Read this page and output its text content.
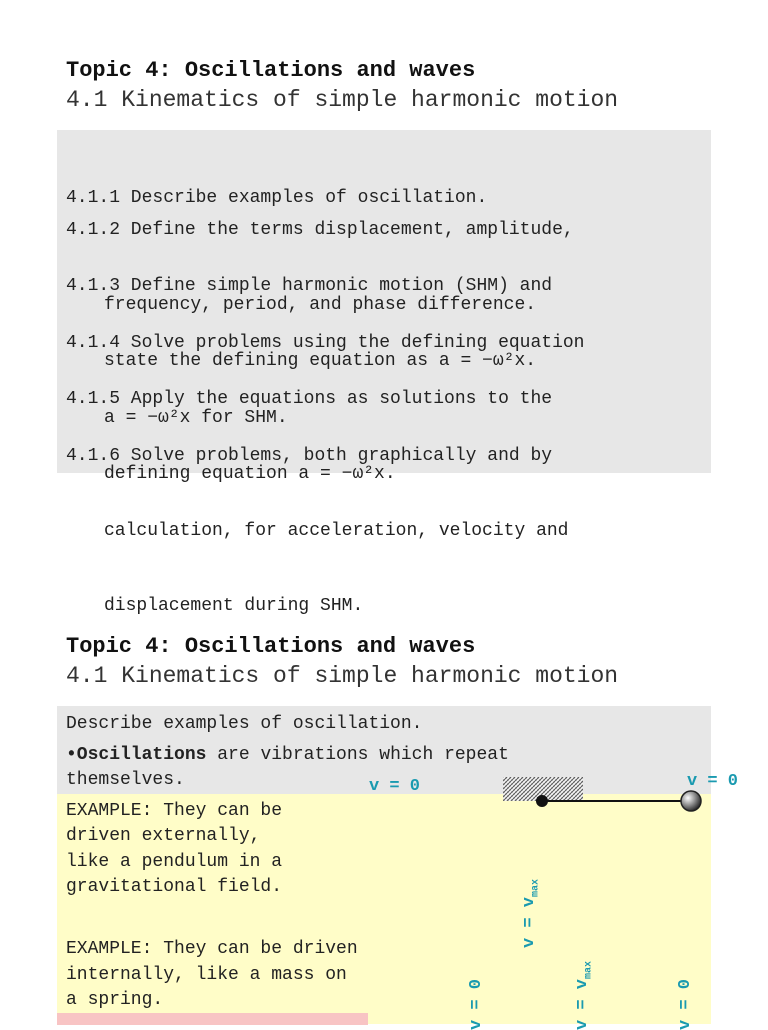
Topic 4: Oscillations and waves
4.1 Kinematics of simple harmonic motion

4.1.1 Describe examples of oscillation.

4.1.2 Define the terms displacement, amplitude,

frequency, period, and phase difference.

4.1.3 Define simple harmonic motion (SHM) and

state the defining equation as a = −ω²x.

4.1.4 Solve problems using the defining equation

a = −ω²x for SHM.

4.1.5 Apply the equations as solutions to the

defining equation a = −ω²x.

4.1.6 Solve problems, both graphically and by

calculation, for acceleration, velocity and

displacement during SHM.

Topic 4: Oscillations and waves
4.1 Kinematics of simple harmonic motion
Describe examples of oscillation.
•Oscillations are vibrations which repeat
themselves.
EXAMPLE: They can be
driven externally,
like a pendulum in a
gravitational field.
EXAMPLE: They can be driven
internally, like a mass on
a spring.
v = 0	v = 0
$v = v_{max}$
$v = v_{max}$
v = 0	v = 0
